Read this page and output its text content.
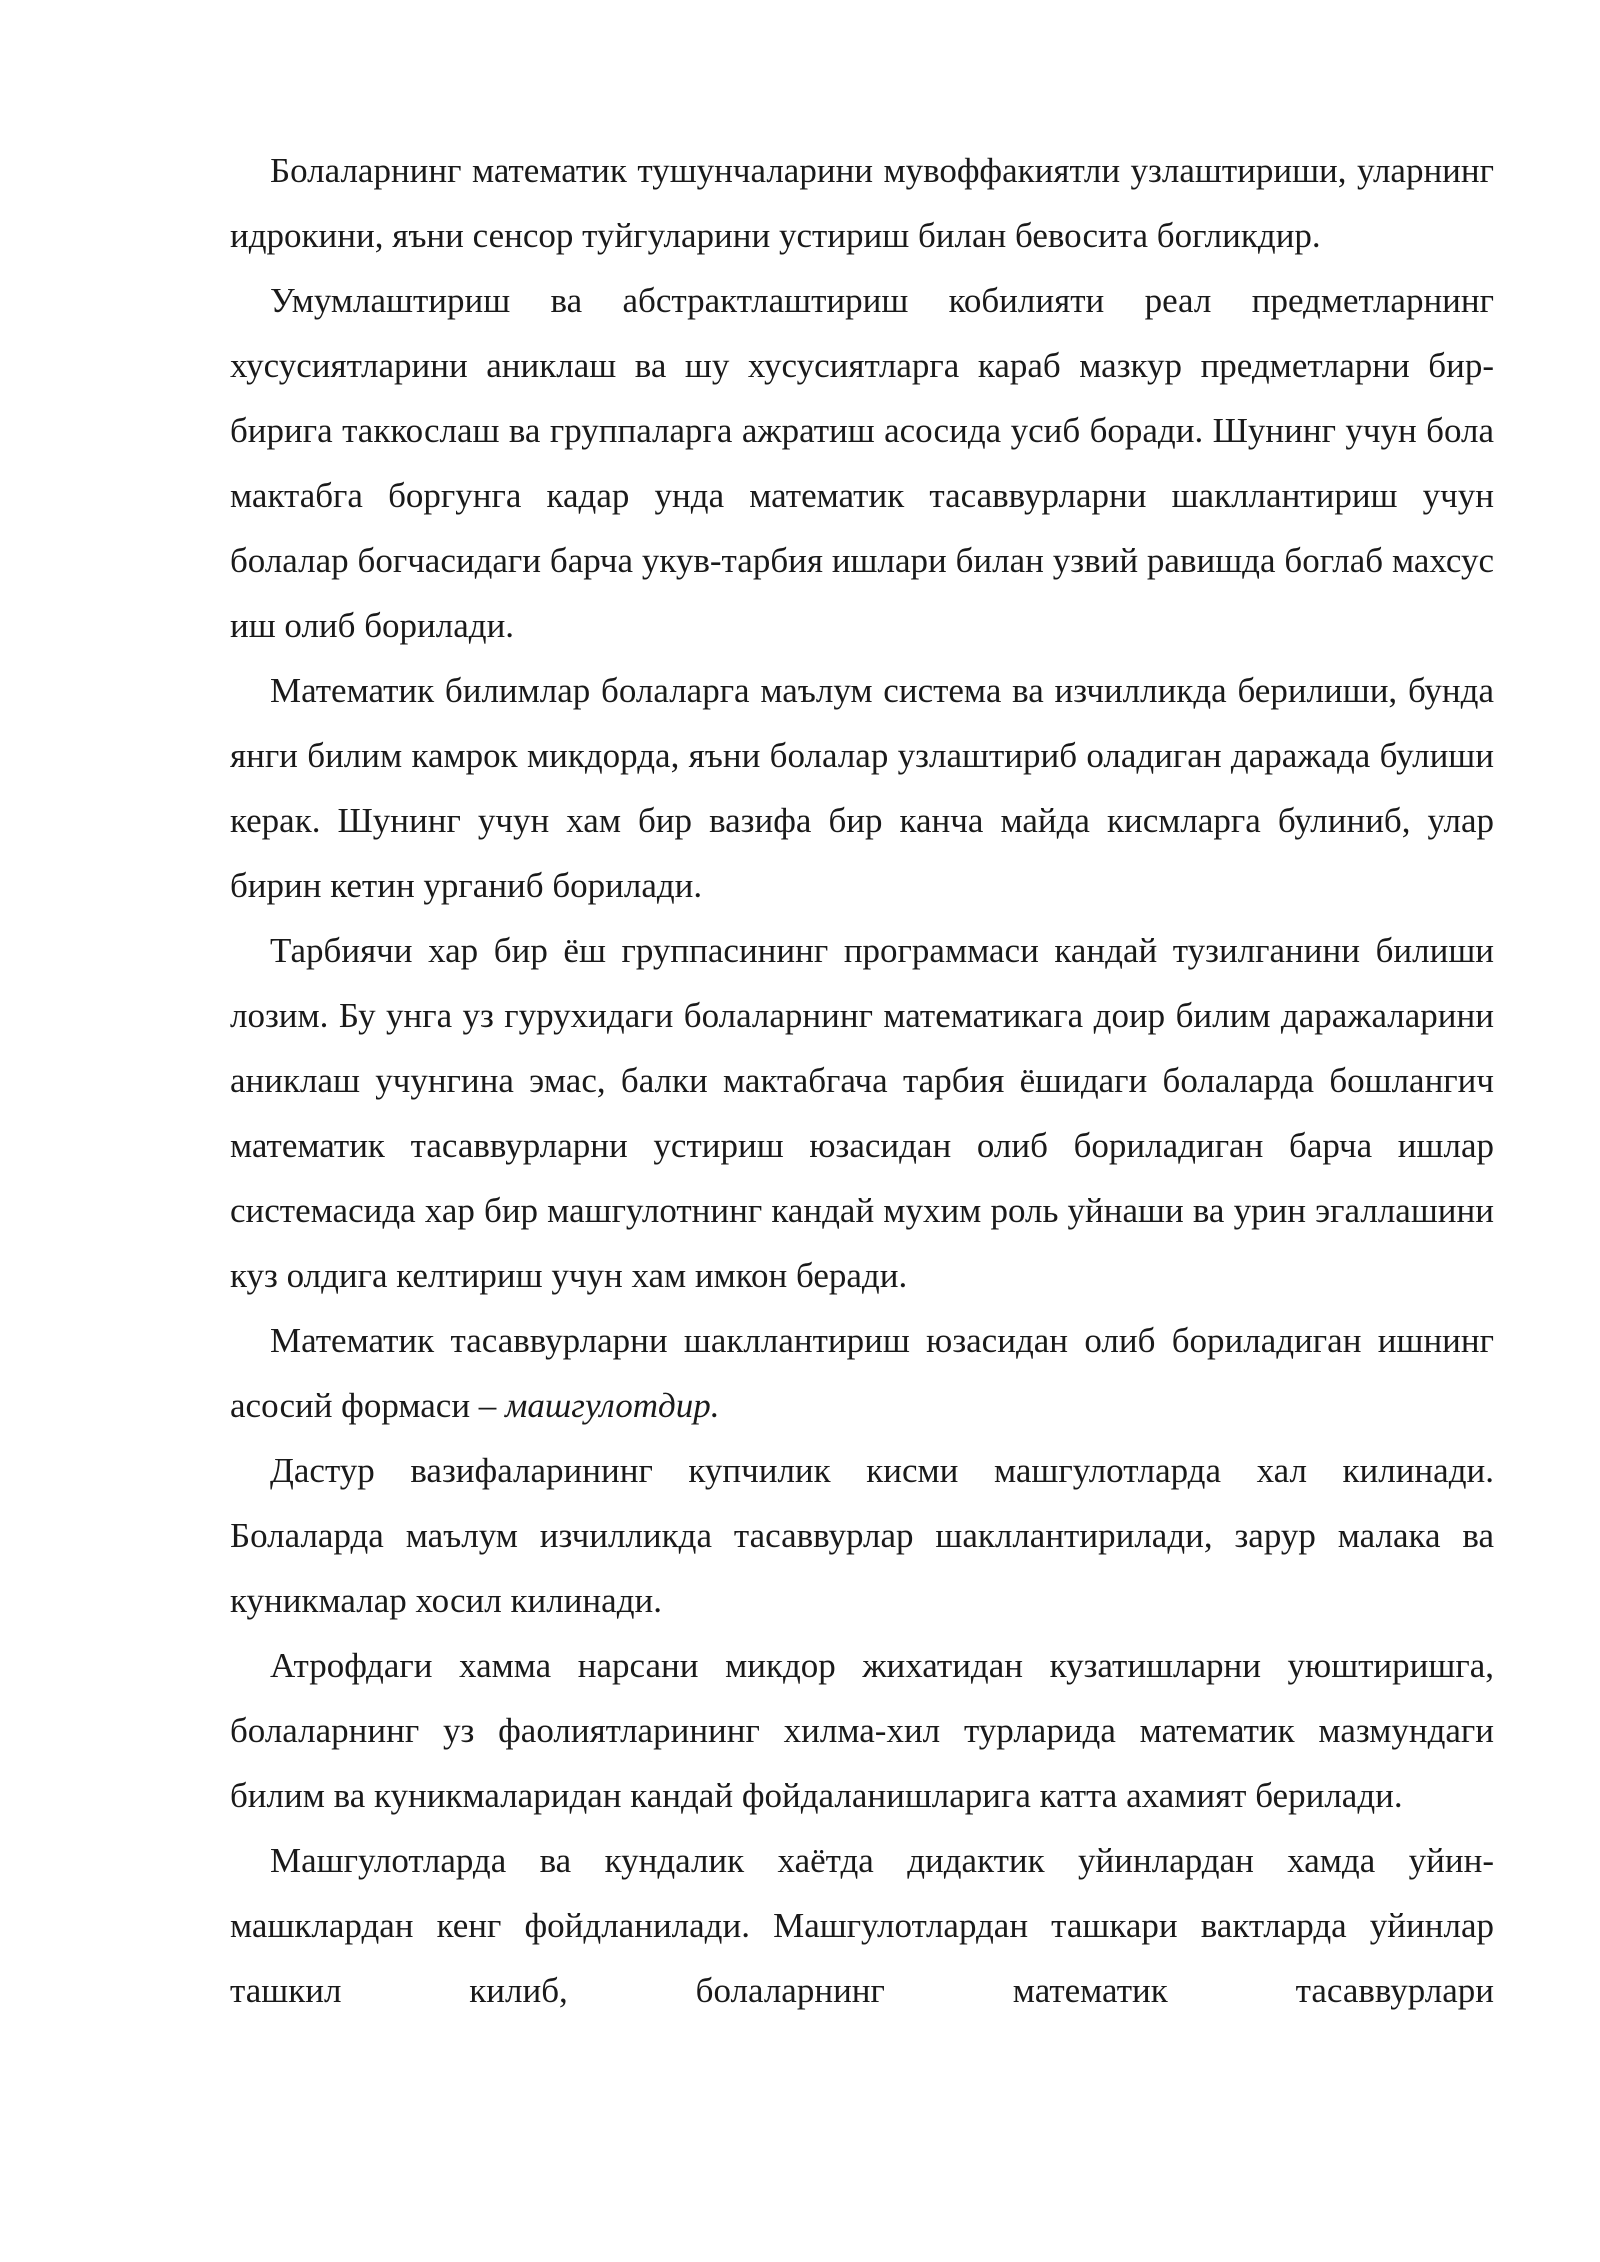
Болаларнинг математик тушунчаларини мувоффакиятли узлаштириши, уларнинг идрокини, яъни сенсор туйгуларини устириш билан бевосита богликдир.

Умумлаштириш ва абстрактлаштириш кобилияти реал предметларнинг хусусиятларини аниклаш ва шу хусусиятларга караб мазкур предметларни бир-бирига таккослаш ва группаларга ажратиш асосида усиб боради. Шунинг учун бола мактабга боргунга кадар унда математик тасаввурларни шакллантириш учун болалар богчасидаги барча укув-тарбия ишлари билан узвий равишда боглаб махсус иш олиб борилади.

Математик билимлар болаларга маълум система ва изчилликда берилиши, бунда янги билим камрок микдорда, яъни болалар узлаштириб оладиган даражада булиши керак. Шунинг учун хам бир вазифа бир канча майда кисмларга булиниб, улар бирин кетин урганиб борилади.

Тарбиячи хар бир ёш группасининг программаси кандай тузилганини билиши лозим. Бу унга уз гурухидаги болаларнинг математикага доир билим даражаларини аниклаш учунгина эмас, балки мактабгача тарбия ёшидаги болаларда бошлангич математик тасаввурларни устириш юзасидан олиб бориладиган барча ишлар системасида хар бир машгулотнинг кандай мухим роль уйнаши ва урин эгаллашини куз олдига келтириш учун хам имкон беради.

Математик тасаввурларни шакллантириш юзасидан олиб бориладиган ишнинг асосий формаси – машгулотдир.

Дастур вазифаларининг купчилик кисми машгулотларда хал килинади. Болаларда маълум изчилликда тасаввурлар шакллантирилади, зарур малака ва куникмалар хосил килинади.

Атрофдаги хамма нарсани микдор жихатидан кузатишларни уюштиришга, болаларнинг уз фаолиятларининг хилма-хил турларида математик мазмундаги билим ва куникмаларидан кандай фойдаланишларига катта ахамият берилади.

Машгулотларда ва кундалик хаётда дидактик уйинлардан хамда уйин-машклардан кенг фойдланилади. Машгулотлардан ташкари вактларда уйинлар ташкил килиб, болаларнинг математик тасаввурлари
